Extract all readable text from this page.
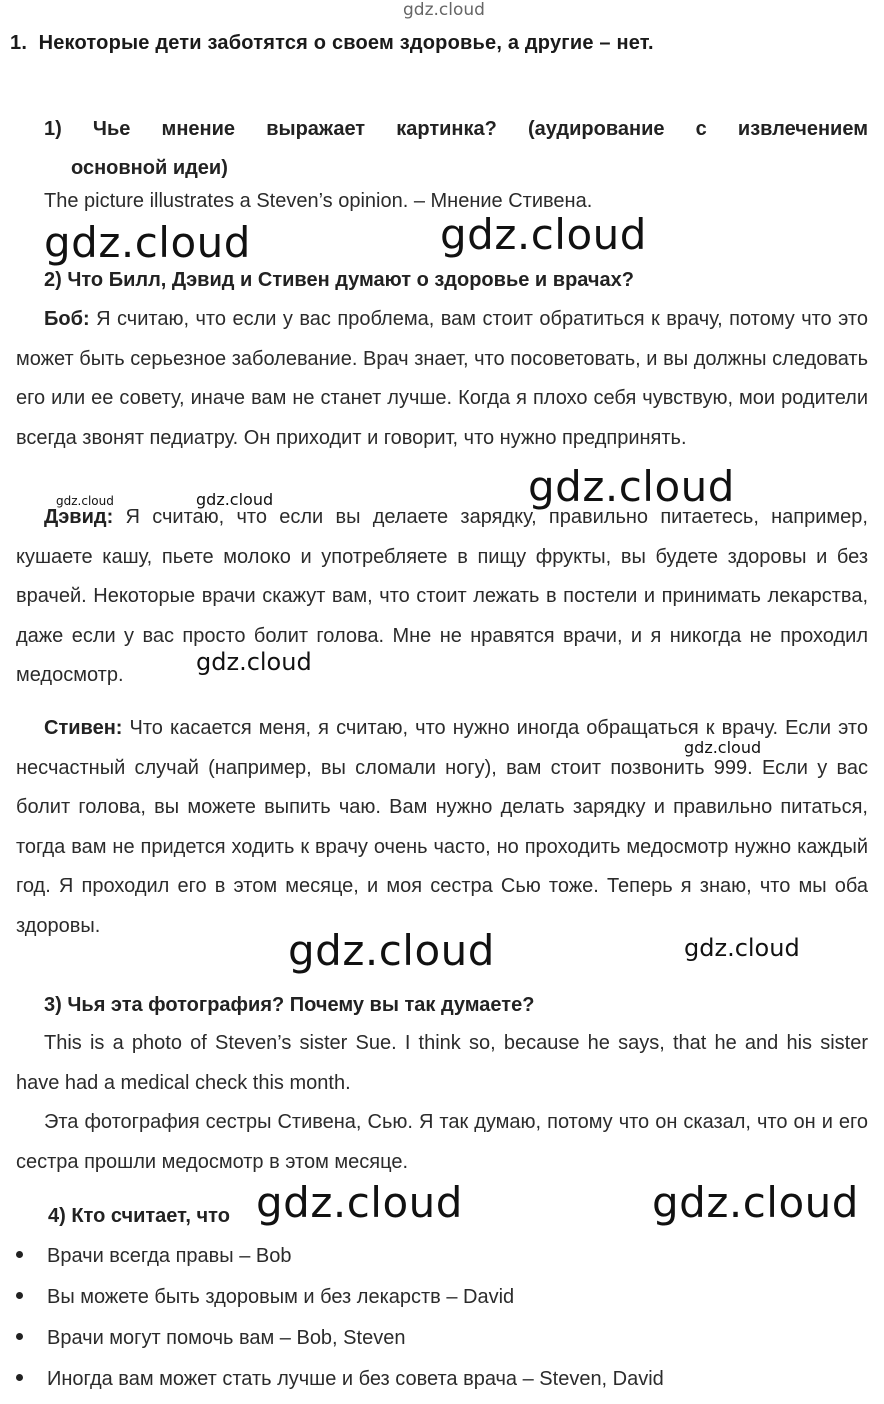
gdz.cloud
1.  Некоторые дети заботятся о своем здоровье, а другие – нет.
1) Чье мнение выражает картинка? (аудирование с извлечением
основной идеи)
The picture illustrates a Steven’s opinion. – Мнение Стивена.
2) Что Билл, Дэвид и Стивен думают о здоровье и врачах?
Боб: Я считаю, что если у вас проблема, вам стоит обратиться к врачу, потому что это может быть серьезное заболевание. Врач знает, что посоветовать, и вы должны следовать его или ее совету, иначе вам не станет лучше. Когда я плохо себя чувствую, мои родители всегда звонят педиатру. Он приходит и говорит, что нужно предпринять.
Дэвид: Я считаю, что если вы делаете зарядку, правильно питаетесь, например, кушаете кашу, пьете молоко и употребляете в пищу фрукты, вы будете здоровы и без врачей. Некоторые врачи скажут вам, что стоит лежать в постели и принимать лекарства, даже если у вас просто болит голова. Мне не нравятся врачи, и я никогда не проходил медосмотр.
Стивен: Что касается меня, я считаю, что нужно иногда обращаться к врачу. Если это несчастный случай (например, вы сломали ногу), вам стоит позвонить 999. Если у вас болит голова, вы можете выпить чаю. Вам нужно делать зарядку и правильно питаться, тогда вам не придется ходить к врачу очень часто, но проходить медосмотр нужно каждый год. Я проходил его в этом месяце, и моя сестра Сью тоже. Теперь я знаю, что мы оба здоровы.
3) Чья эта фотография? Почему вы так думаете?
This is a photo of Steven’s sister Sue. I think so, because he says, that he and his sister have had a medical check this month.
Эта фотография сестры Стивена, Сью. Я так думаю, потому что он сказал, что он и его сестра прошли медосмотр в этом месяце.
4) Кто считает, что
Врачи всегда правы – Bob
Вы можете быть здоровым и без лекарств – David
Врачи могут помочь вам – Bob, Steven
Иногда вам может стать лучше и без совета врача – Steven, David
gdz.cloud	gdz.cloud
gdz.cloud
gdz.cloud	gdz.cloud
gdz.cloud
gdz.cloud
gdz.cloud	gdz.cloud
gdz.cloud	gdz.cloud
